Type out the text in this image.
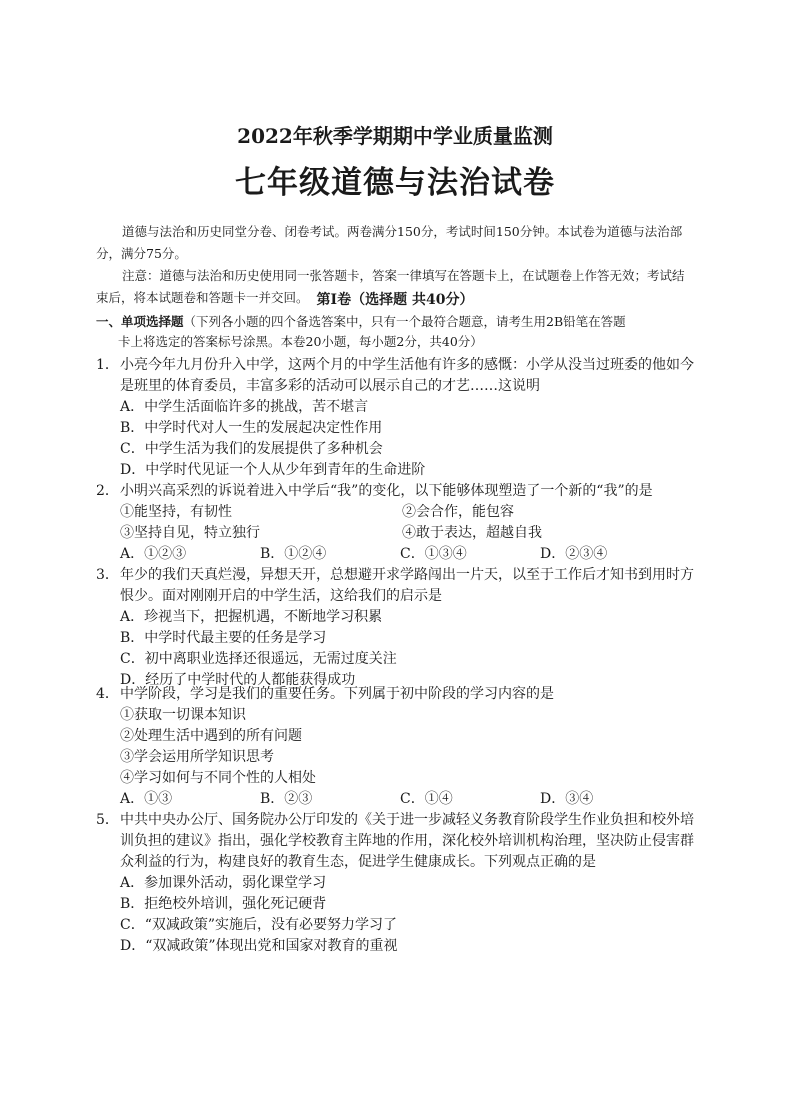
2022年秋季学期期中学业质量监测
七年级道德与法治试卷

道德与法治和历史同堂分卷、闭卷考试。两卷满分150分，考试时间150分钟。本试卷为道德与法治部分，满分75分。

注意：道德与法治和历史使用同一张答题卡，答案一律填写在答题卡上，在试题卷上作答无效；考试结束后，将本试题卷和答题卡一并交回。 第Ⅰ卷（选择题 共40分）
一、单项选择题（下列各小题的四个备选答案中，只有一个最符合题意，请考生用2B铅笔在答题
卡上将选定的答案标号涂黑。本卷20小题，每小题2分，共40分）
1． 小亮今年九月份升入中学，这两个月的中学生活他有许多的感慨：小学从没当过班委的他如今是班里的体育委员，丰富多彩的活动可以展示自己的才艺……这说明
A．中学生活面临许多的挑战，苦不堪言
B．中学时代对人一生的发展起决定性作用
C．中学生活为我们的发展提供了多种机会
D．中学时代见证一个人从少年到青年的生命进阶
2． 小明兴高采烈的诉说着进入中学后“我”的变化，以下能够体现塑造了一个新的“我”的是
①能坚持，有韧性	②会合作，能包容
③坚持自见，特立独行	④敢于表达，超越自我
A．①②③	B．①②④	C．①③④	D．②③④
3． 年少的我们天真烂漫，异想天开，总想避开求学路闯出一片天，以至于工作后才知书到用时方恨少。面对刚刚开启的中学生活，这给我们的启示是
A．珍视当下，把握机遇，不断地学习积累
B．中学时代最主要的任务是学习
C．初中离职业选择还很遥远，无需过度关注
D．经历了中学时代的人都能获得成功
4． 中学阶段，学习是我们的重要任务。下列属于初中阶段的学习内容的是
①获取一切课本知识
②处理生活中遇到的所有问题
③学会运用所学知识思考
④学习如何与不同个性的人相处
A．①③	B．②③	C．①④	D．③④
5． 中共中央办公厅、国务院办公厅印发的《关于进一步减轻义务教育阶段学生作业负担和校外培训负担的建议》指出，强化学校教育主阵地的作用，深化校外培训机构治理，坚决防止侵害群众利益的行为，构建良好的教育生态，促进学生健康成长。下列观点正确的是
A．参加课外活动，弱化课堂学习
B．拒绝校外培训，强化死记硬背
C．“双减政策”实施后，没有必要努力学习了
D．“双减政策”体现出党和国家对教育的重视
